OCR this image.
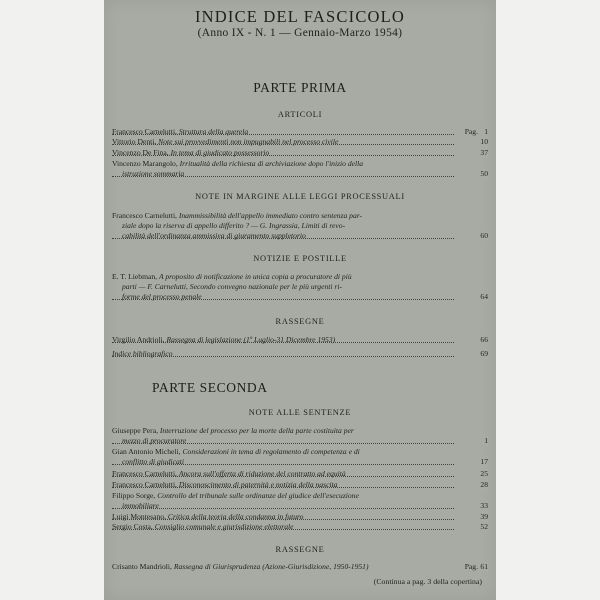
INDICE DEL FASCICOLO
(Anno IX - N. 1 — Gennaio-Marzo 1954)
PARTE PRIMA
ARTICOLI
Francesco Carnelutti, Struttura della querela	Pag. 1
Vittorio Denti, Note sui provvedimenti non impugnabili nel processo civile	10
Vincenzo De Fina, In tema di giudicato possessorio	37
Vincenzo Marangolo, Irritualità della richiesta di archiviazione dopo l'inizio della
istruzione sommaria	50
NOTE IN MARGINE ALLE LEGGI PROCESSUALI
Francesco Carnelutti, Inammissibilità dell'appello immediato contro sentenza par-
ziale dopo la riserva di appello differito ? — G. Ingrassia, Limiti di revo-
cabilità dell'ordinanza ammissiva di giuramento suppletorio	60
NOTIZIE E POSTILLE
E. T. Liebman, A proposito di notificazione in unica copia a procuratore di più
parti — F. Carnelutti, Secondo convegno nazionale per le più urgenti ri-
forme del processo penale	64
RASSEGNE
Virgilio Andrioli, Rassegna di legislazione (1º Luglio-31 Dicembre 1953)	66
Indice bibliografico	69
PARTE SECONDA
NOTE ALLE SENTENZE
Giuseppe Pera, Interruzione del processo per la morte della parte costituita per
mezzo di procuratore	1
Gian Antonio Micheli, Considerazioni in tema di regolamento di competenza e di
conflitto di giudicati	17
Francesco Carnelutti, Ancora sull'offerta di riduzione del contratto ad equità	25
Francesco Carnelutti, Disconoscimento di paternità e notizia della nascita	28
Filippo Sorge, Controllo del tribunale sulle ordinanze del giudice dell'esecuzione
immobiliare	33
Luigi Montesano, Critica della teoria della condanna in futuro	39
Sergio Costa, Consiglio comunale e giurisdizione elettorale	52
RASSEGNE
Crisanto Mandrioli, Rassegna di Giurisprudenza (Azione-Giurisdizione, 1950-1951)	Pag. 61
(Continua a pag. 3 della copertina)
